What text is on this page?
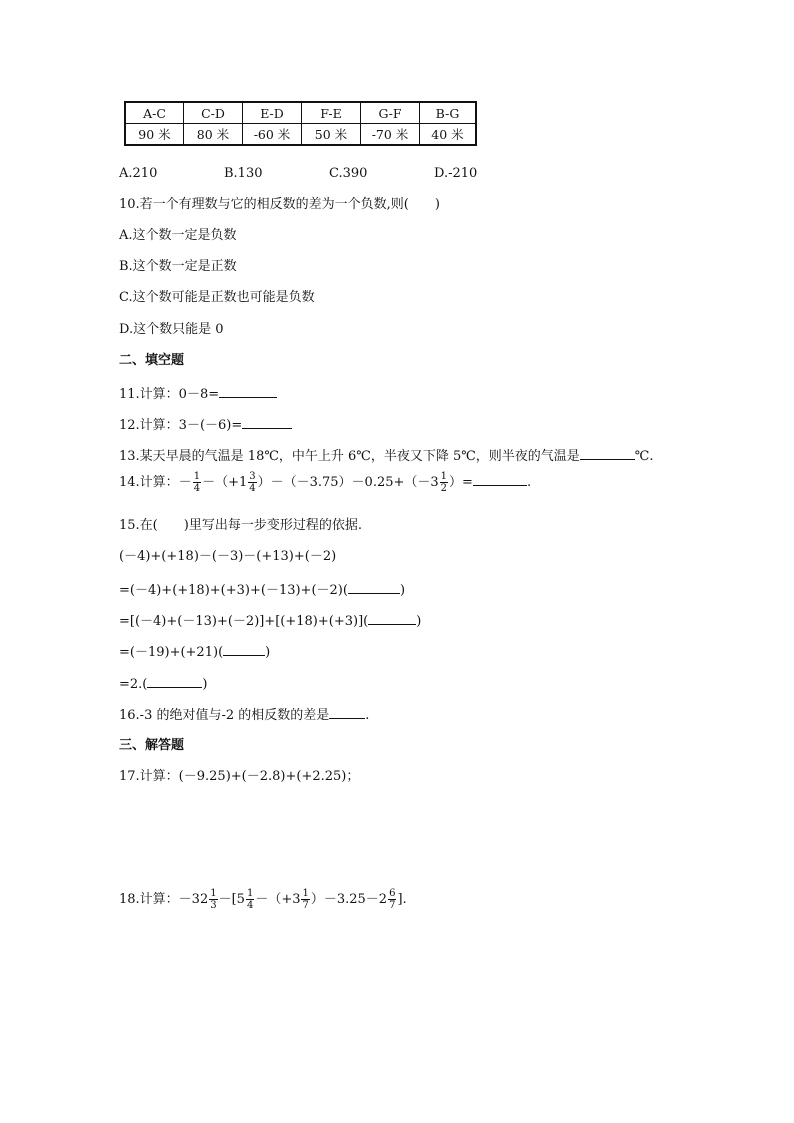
A-C	C-D	E-D	F-E	G-F	B-G
90 米	80 米	-60 米	50 米	-70 米	40 米
A.210	B.130	C.390	D.-210
10.若一个有理数与它的相反数的差为一个负数,则(　　)
A.这个数一定是负数
B.这个数一定是正数
C.这个数可能是正数也可能是负数
D.这个数只能是 0
二、填空题
11.计算：0－8=
12.计算：3－(－6)=
13.某天早晨的气温是 18℃，中午上升 6℃，半夜又下降 5℃，则半夜的气温是	℃.
14.计算：－ $\frac{1}{4} -(+1 \frac{3}{4} )-(-3.75)-0.25+(-3 \frac{1}{2}$ ）=	.
15.在(　　)里写出每一步变形过程的依据.
(－4)+(+18)－(－3)－(+13)+(－2)
=(－4)+(+18)+(+3)+(－13)+(－2)(	)
=[(－4)+(－13)+(－2)]+[(+18)+(+3)](	)
=(－19)+(+21)(	)
=2.(	)
16.-3 的绝对值与-2 的相反数的差是	.
三、解答题
17.计算：(－9.25)+(－2.8)+(+2.25)；
18.计算：$-32 \frac{1}{3} -[5 \frac{1}{4} -(+3 \frac{1}{7} )-3.25-2 \frac{6}{7}$ ].
